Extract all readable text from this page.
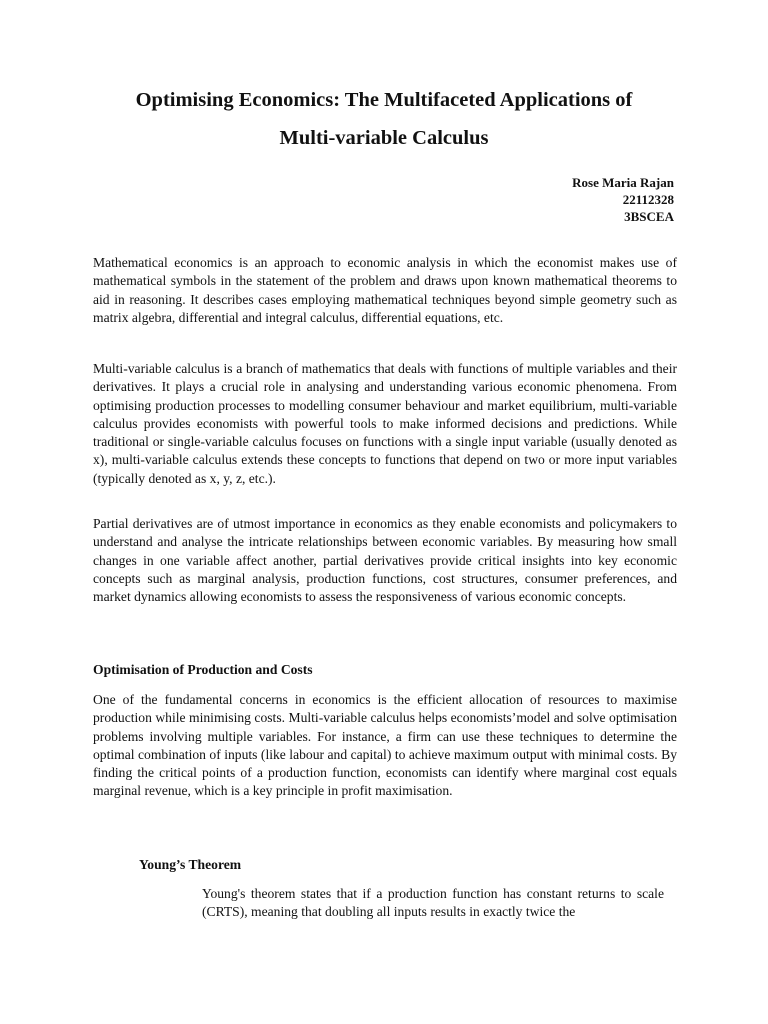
Optimising Economics: The Multifaceted Applications of
Multi-variable Calculus
Rose Maria Rajan
22112328
3BSCEA

Mathematical economics is an approach to economic analysis in which the economist makes use of mathematical symbols in the statement of the problem and draws upon known mathematical theorems to aid in reasoning. It describes cases employing mathematical techniques beyond simple geometry such as matrix algebra, differential and integral calculus, differential equations, etc.

Multi-variable calculus is a branch of mathematics that deals with functions of multiple variables and their derivatives. It plays a crucial role in analysing and understanding various economic phenomena. From optimising production processes to modelling consumer behaviour and market equilibrium, multi-variable calculus provides economists with powerful tools to make informed decisions and predictions. While traditional or single-variable calculus focuses on functions with a single input variable (usually denoted as x), multi-variable calculus extends these concepts to functions that depend on two or more input variables (typically denoted as x, y, z, etc.).

Partial derivatives are of utmost importance in economics as they enable economists and policymakers to understand and analyse the intricate relationships between economic variables. By measuring how small changes in one variable affect another, partial derivatives provide critical insights into key economic concepts such as marginal analysis, production functions, cost structures, consumer preferences, and market dynamics allowing economists to assess the responsiveness of various economic concepts.

Optimisation of Production and Costs

One of the fundamental concerns in economics is the efficient allocation of resources to maximise production while minimising costs. Multi-variable calculus helps economists’model and solve optimisation problems involving multiple variables. For instance, a firm can use these techniques to determine the optimal combination of inputs (like labour and capital) to achieve maximum output with minimal costs. By finding the critical points of a production function, economists can identify where marginal cost equals marginal revenue, which is a key principle in profit maximisation.

Young’s Theorem

Young's theorem states that if a production function has constant returns to scale (CRTS), meaning that doubling all inputs results in exactly twice the
